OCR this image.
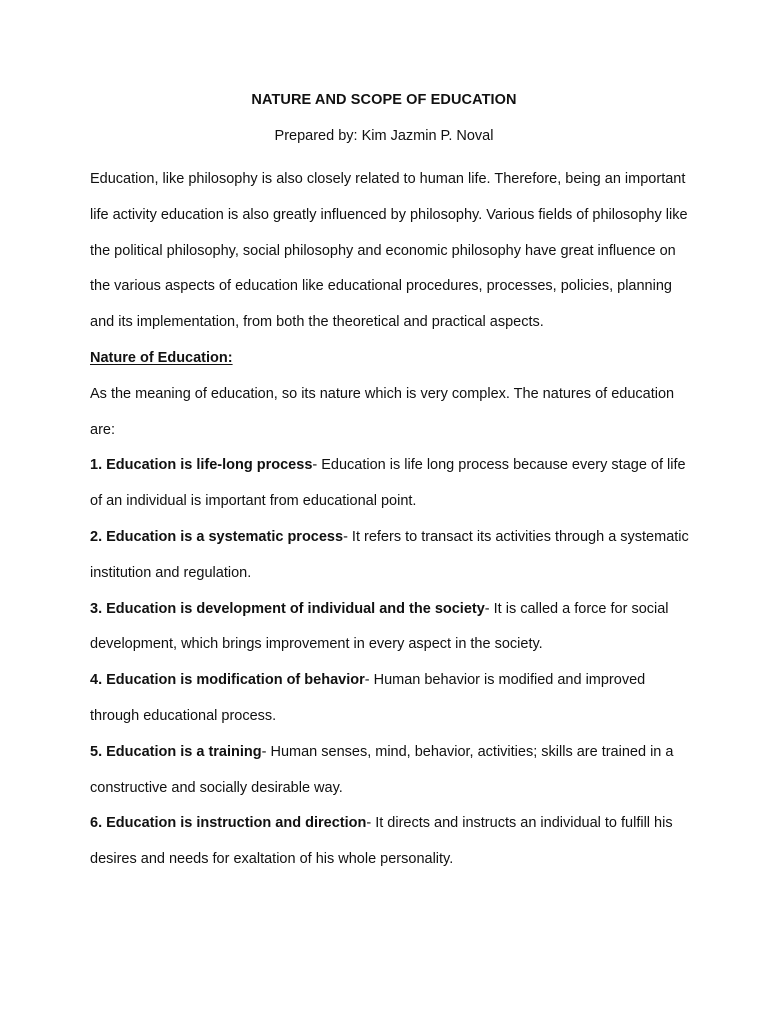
NATURE AND SCOPE OF EDUCATION
Prepared by: Kim Jazmin P. Noval

Education, like philosophy is also closely related to human life. Therefore, being an important life activity education is also greatly influenced by philosophy. Various fields of philosophy like the political philosophy, social philosophy and economic philosophy have great influence on the various aspects of education like educational procedures, processes, policies, planning and its implementation, from both the theoretical and practical aspects.

Nature of Education:

As the meaning of education, so its nature which is very complex. The natures of education are:

1. Education is life-long process- Education is life long process because every stage of life of an individual is important from educational point.

2. Education is a systematic process- It refers to transact its activities through a systematic institution and regulation.

3. Education is development of individual and the society- It is called a force for social development, which brings improvement in every aspect in the society.

4. Education is modification of behavior- Human behavior is modified and improved through educational process.

5. Education is a training- Human senses, mind, behavior, activities; skills are trained in a constructive and socially desirable way.

6. Education is instruction and direction- It directs and instructs an individual to fulfill his desires and needs for exaltation of his whole personality.
